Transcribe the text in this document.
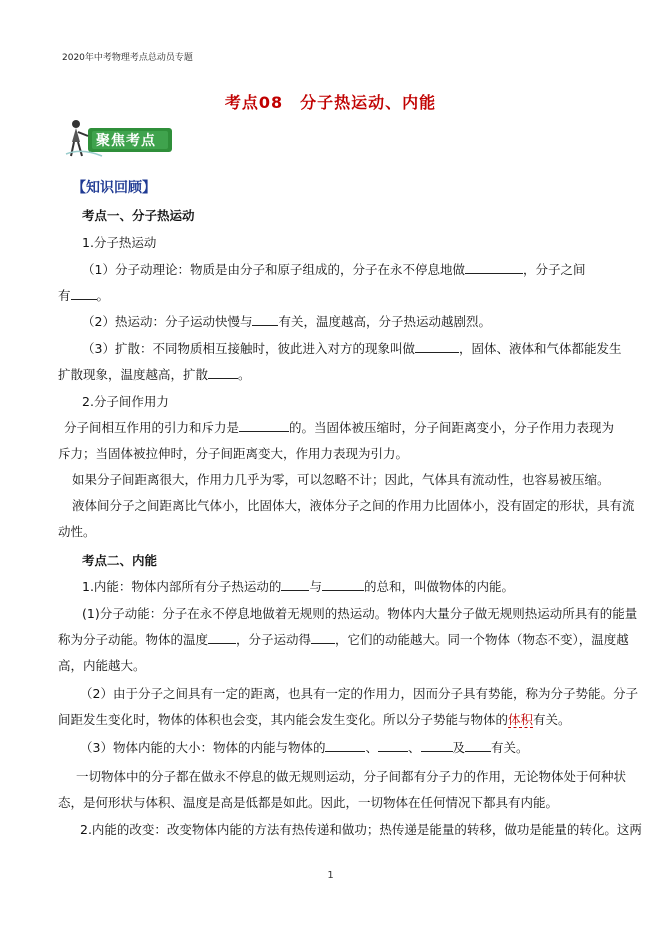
2020年中考物理考点总动员专题
考点08　分子热运动、内能
聚焦考点
【知识回顾】
考点一、分子热运动
1.分子热运动
（1）分子动理论：物质是由分子和原子组成的，分子在永不停息地做	，分子之间
有 。
（2）热运动：分子运动快慢与 有关，温度越高，分子热运动越剧烈。
（3）扩散：不同物质相互接触时，彼此进入对方的现象叫做	，固体、液体和气体都能发生
扩散现象，温度越高，扩散 。
2.分子间作用力
分子间相互作用的引力和斥力是	的。当固体被压缩时，分子间距离变小，分子作用力表现为
斥力；当固体被拉伸时，分子间距离变大，作用力表现为引力。
如果分子间距离很大，作用力几乎为零，可以忽略不计；因此，气体具有流动性，也容易被压缩。
液体间分子之间距离比气体小，比固体大，液体分子之间的作用力比固体小，没有固定的形状，具有流
动性。
考点二、内能
1.内能：物体内部所有分子热运动的 与	的总和，叫做物体的内能。
(1)分子动能：分子在永不停息地做着无规则的热运动。物体内大量分子做无规则热运动所具有的能量
称为分子动能。物体的温度 ，分子运动得 ，它们的动能越大。同一个物体（物态不变），温度越
高，内能越大。
（2）由于分子之间具有一定的距离，也具有一定的作用力，因而分子具有势能，称为分子势能。分子
间距发生变化时，物体的体积也会变，其内能会发生变化。所以分子势能与物体的体积有关。
（3）物体内能的大小：物体的内能与物体的	、 、	及 有关。
一切物体中的分子都在做永不停息的做无规则运动，分子间都有分子力的作用，无论物体处于何种状
态，是何形状与体积、温度是高是低都是如此。因此，一切物体在任何情况下都具有内能。
2.内能的改变：改变物体内能的方法有热传递和做功；热传递是能量的转移，做功是能量的转化。这两
1
